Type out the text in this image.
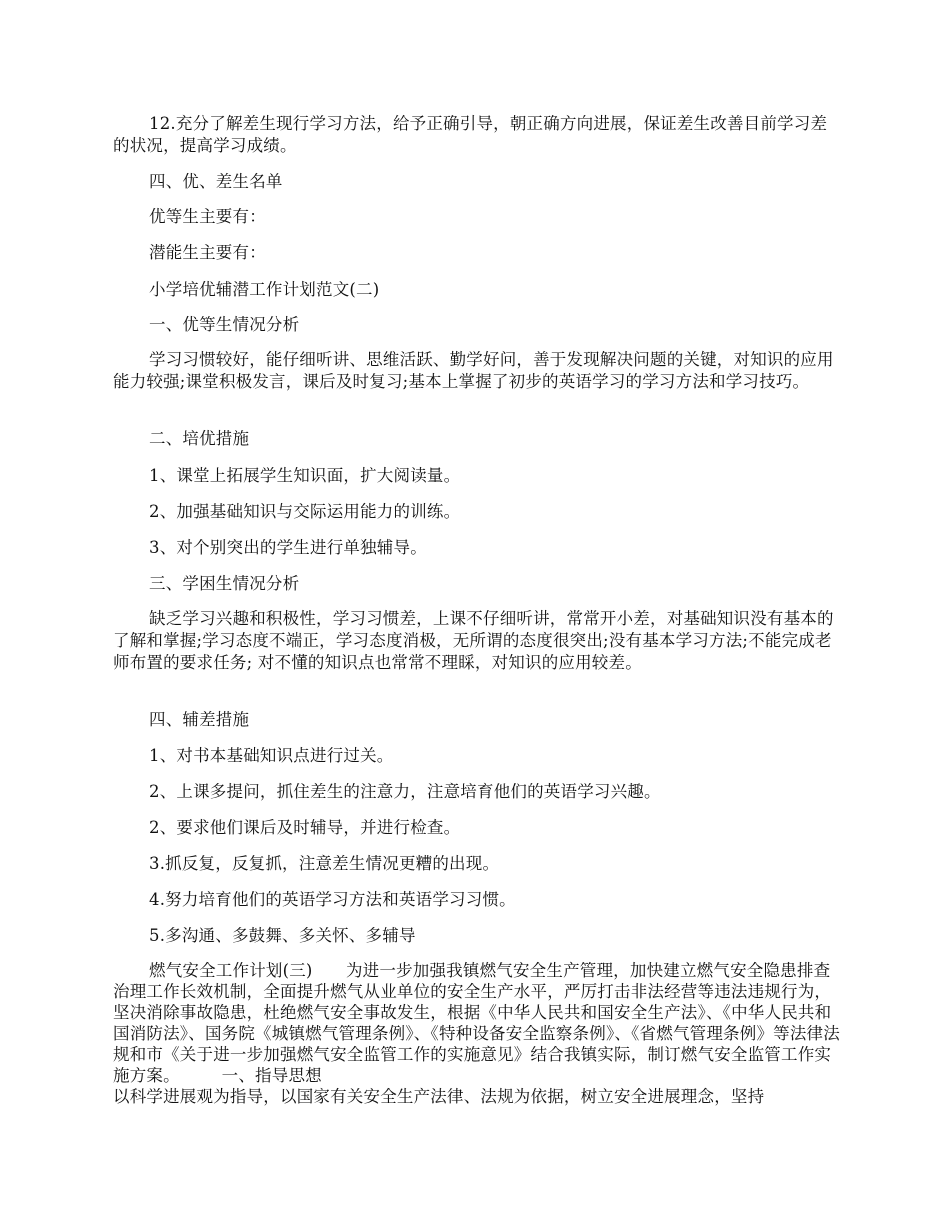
12.充分了解差生现行学习方法，给予正确引导，朝正确方向进展，保证差生改善目前学习差的状况，提高学习成绩。
四、优、差生名单
优等生主要有：
潜能生主要有：
小学培优辅潜工作计划范文(二)
一、优等生情况分析
学习习惯较好，能仔细听讲、思维活跃、勤学好问，善于发现解决问题的关键，对知识的应用能力较强;课堂积极发言，课后及时复习;基本上掌握了初步的英语学习的学习方法和学习技巧。
二、培优措施
1、课堂上拓展学生知识面，扩大阅读量。
2、加强基础知识与交际运用能力的训练。
3、对个别突出的学生进行单独辅导。
三、学困生情况分析
缺乏学习兴趣和积极性，学习习惯差，上课不仔细听讲，常常开小差，对基础知识没有基本的了解和掌握;学习态度不端正，学习态度消极，无所谓的态度很突出;没有基本学习方法;不能完成老师布置的要求任务; 对不懂的知识点也常常不理睬，对知识的应用较差。
四、辅差措施
1、对书本基础知识点进行过关。
2、上课多提问，抓住差生的注意力，注意培育他们的英语学习兴趣。
2、要求他们课后及时辅导，并进行检查。
3.抓反复，反复抓，注意差生情况更糟的出现。
4.努力培育他们的英语学习方法和英语学习习惯。
5.多沟通、多鼓舞、多关怀、多辅导
燃气安全工作计划(三)　　为进一步加强我镇燃气安全生产管理，加快建立燃气安全隐患排查治理工作长效机制，全面提升燃气从业单位的安全生产水平，严厉打击非法经营等违法违规行为，坚决消除事故隐患，杜绝燃气安全事故发生，根据《中华人民共和国安全生产法》、《中华人民共和国消防法》、国务院《城镇燃气管理条例》、《特种设备安全监察条例》、《省燃气管理条例》等法律法规和市《关于进一步加强燃气安全监管工作的实施意见》结合我镇实际，制订燃气安全监管工作实施方案。　　　一、指导思想
以科学进展观为指导，以国家有关安全生产法律、法规为依据，树立安全进展理念，坚持
